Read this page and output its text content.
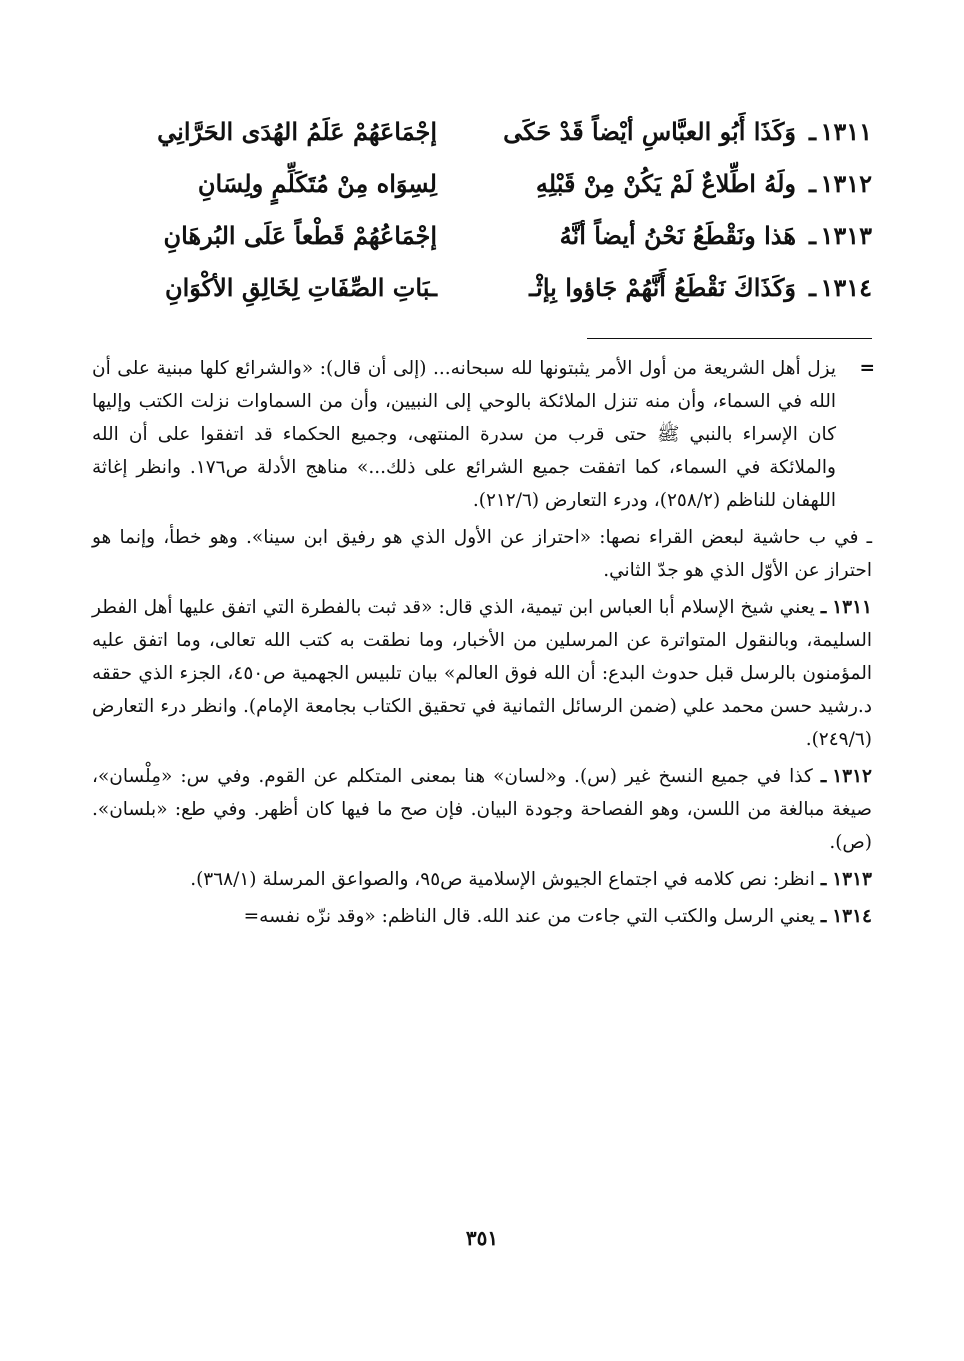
١٣١١
ـ
وَكَذَا أَبُو العبَّاسِ أيْضاً قَدْ حَكَى
إجْمَاعَهُمْ عَلَمُ الهُدَى الحَرَّانِي
١٣١٢
ـ
ولَهُ اطِّلاعٌ لَمْ يَكُنْ مِنْ قَبْلِهِ
لِسِوَاه مِنْ مُتَكَلِّمٍ ولِسَانِ
١٣١٣
ـ
هَذا ونَقْطَعُ نَحْنُ أيضاً أنَّهُ
إجْمَاعُهُمْ قَطْعاً عَلَى البُرهَانِ
١٣١٤
ـ
وَكَذَاكَ نَقْطَعُ أَنَّهُمْ جَاؤوا بِإثْـ
ـبَاتِ الصِّفَاتِ لِخَالِقِ الأكْوَانِ
=
يزل أهل الشريعة من أول الأمر يثبتونها لله سبحانه... (إلى أن قال): «والشرائع كلها مبنية على أن الله في السماء، وأن منه تنزل الملائكة بالوحي إلى النبيين، وأن من السماوات نزلت الكتب وإليها كان الإسراء بالنبي ﷺ حتى قرب من سدرة المنتهى، وجميع الحكماء قد اتفقوا على أن الله والملائكة في السماء، كما اتفقت جميع الشرائع على ذلك...» مناهج الأدلة ص١٧٦. وانظر إغاثة اللهفان للناظم (٢٥٨/٢)، ودرء التعارض (٢١٢/٦).
ـ في ب حاشية لبعض القراء نصها: «احتراز عن الأول الذي هو رفيق ابن سينا». وهو خطأ، وإنما هو احتراز عن الأوّل الذي هو جدّ الثاني.
١٣١١ـ يعني شيخ الإسلام أبا العباس ابن تيمية، الذي قال: «قد ثبت بالفطرة التي اتفق عليها أهل الفطر السليمة، وبالنقول المتواترة عن المرسلين من الأخبار، وما نطقت به كتب الله تعالى، وما اتفق عليه المؤمنون بالرسل قبل حدوث البدع: أن الله فوق العالم» بيان تلبيس الجهمية ص٤٥٠، الجزء الذي حققه د.رشيد حسن محمد علي (ضمن الرسائل الثمانية في تحقيق الكتاب بجامعة الإمام). وانظر درء التعارض (٢٤٩/٦).
١٣١٢ـ كذا في جميع النسخ غير (س). و«لسان» هنا بمعنى المتكلم عن القوم. وفي س: «مِلْسان»، صيغة مبالغة من اللسن، وهو الفصاحة وجودة البيان. فإن صح ما فيها كان أظهر. وفي طع: «بلسان». (ص).
١٣١٣ـ انظر: نص كلامه في اجتماع الجيوش الإسلامية ص٩٥، والصواعق المرسلة (٣٦٨/١).
١٣١٤ـ يعني الرسل والكتب التي جاءت من عند الله. قال الناظم: «وقد نزّه نفسه=
٣٥١
